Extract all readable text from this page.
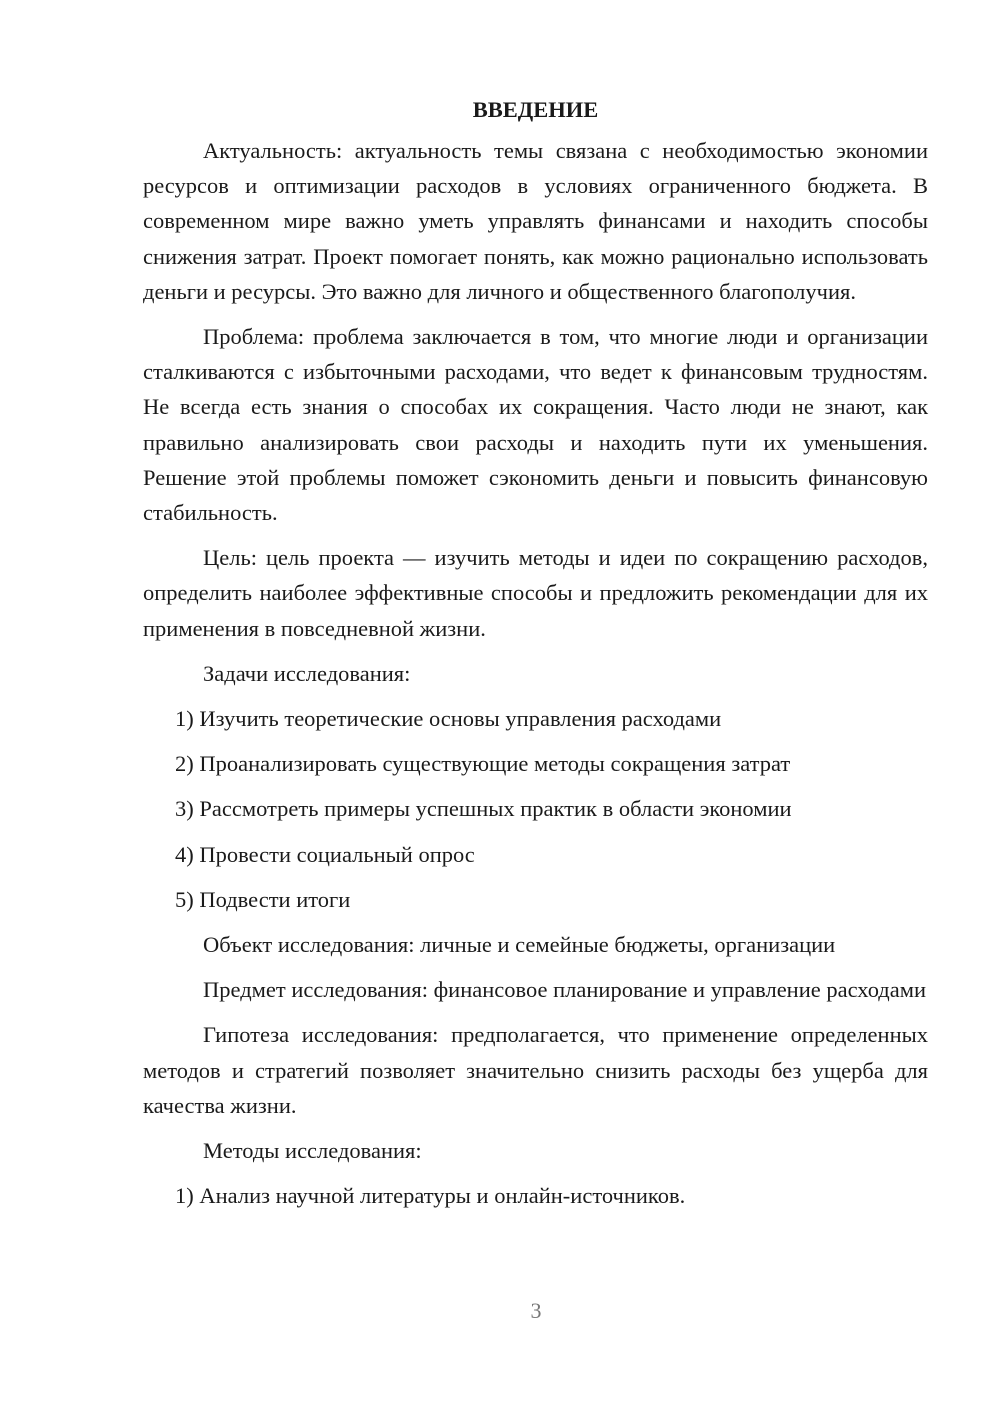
ВВЕДЕНИЕ

Актуальность: актуальность темы связана с необходимостью экономии ресурсов и оптимизации расходов в условиях ограниченного бюджета. В современном мире важно уметь управлять финансами и находить способы снижения затрат. Проект помогает понять, как можно рационально использовать деньги и ресурсы. Это важно для личного и общественного благополучия.

Проблема: проблема заключается в том, что многие люди и организации сталкиваются с избыточными расходами, что ведет к финансовым трудностям. Не всегда есть знания о способах их сокращения. Часто люди не знают, как правильно анализировать свои расходы и находить пути их уменьшения. Решение этой проблемы поможет сэкономить деньги и повысить финансовую стабильность.

Цель: цель проекта — изучить методы и идеи по сокращению расходов, определить наиболее эффективные способы и предложить рекомендации для их применения в повседневной жизни.

Задачи исследования:

1) Изучить теоретические основы управления расходами

2) Проанализировать существующие методы сокращения затрат

3) Рассмотреть примеры успешных практик в области экономии

4) Провести социальный опрос

5) Подвести итоги

Объект исследования: личные и семейные бюджеты, организации

Предмет исследования: финансовое планирование и управление расходами

Гипотеза исследования: предполагается, что применение определенных методов и стратегий позволяет значительно снизить расходы без ущерба для качества жизни.

Методы исследования:

1) Анализ научной литературы и онлайн-источников.

3
